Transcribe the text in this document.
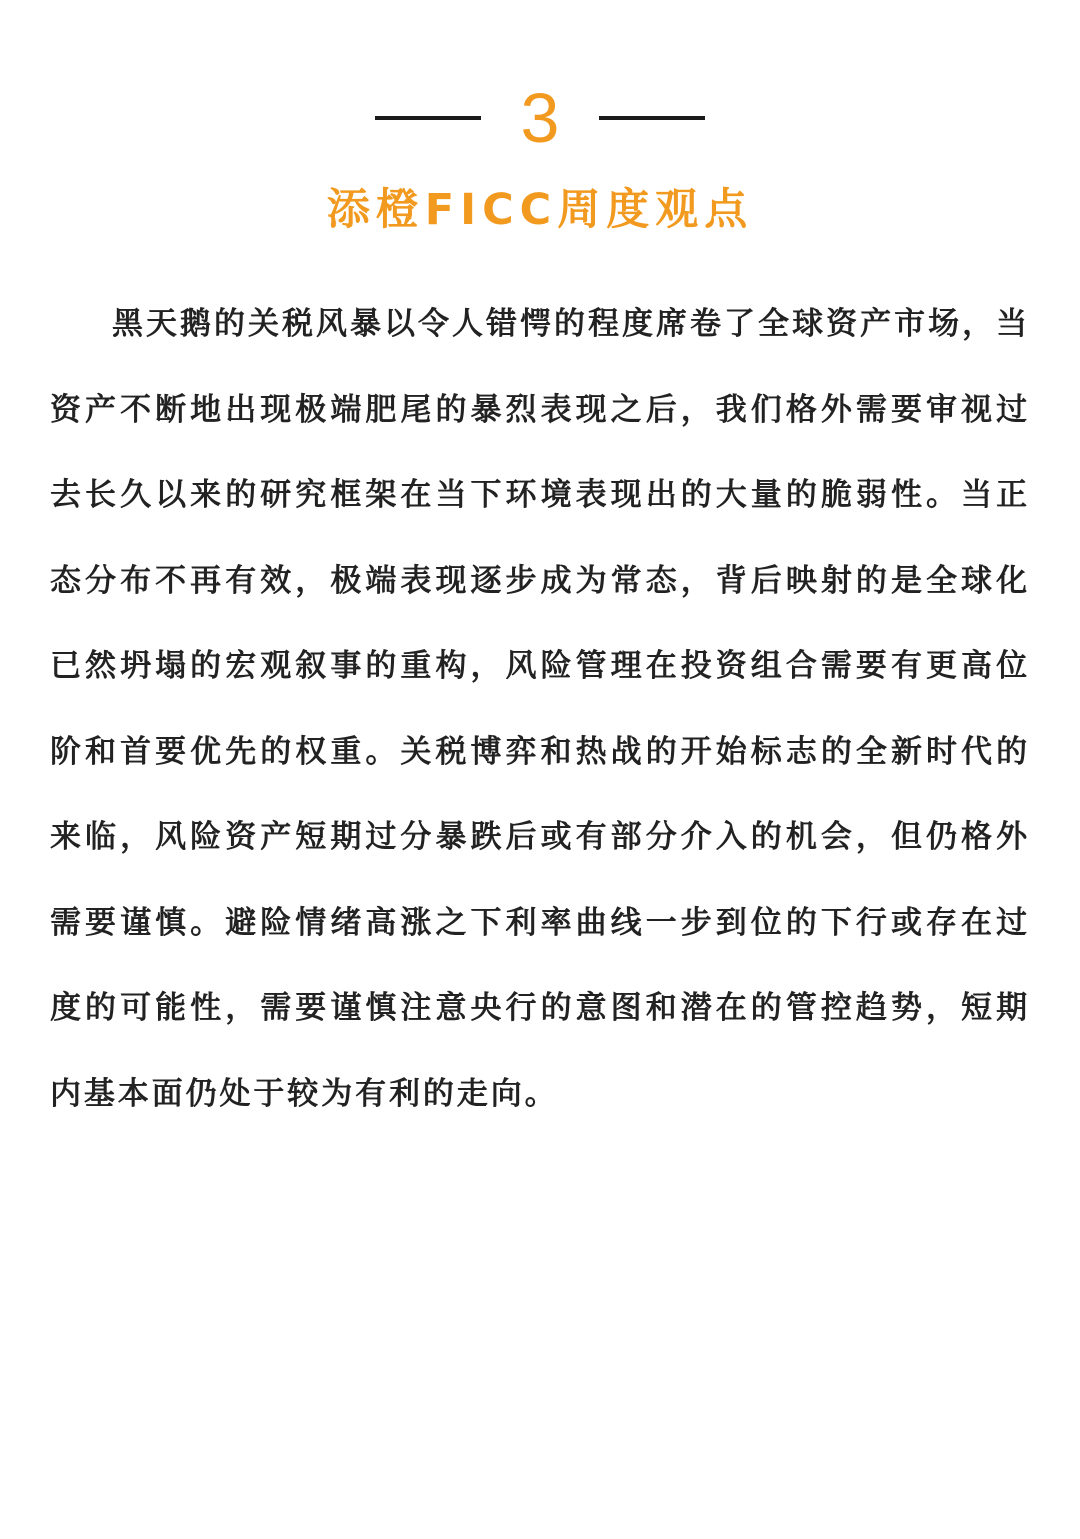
3
添橙FICC周度观点

黑天鹅的关税风暴以令人错愕的程度席卷了全球资产市场，当资产不断地出现极端肥尾的暴烈表现之后，我们格外需要审视过去长久以来的研究框架在当下环境表现出的大量的脆弱性。当正态分布不再有效，极端表现逐步成为常态，背后映射的是全球化已然坍塌的宏观叙事的重构，风险管理在投资组合需要有更高位阶和首要优先的权重。关税博弈和热战的开始标志的全新时代的来临，风险资产短期过分暴跌后或有部分介入的机会，但仍格外需要谨慎。避险情绪高涨之下利率曲线一步到位的下行或存在过度的可能性，需要谨慎注意央行的意图和潜在的管控趋势，短期内基本面仍处于较为有利的走向。
